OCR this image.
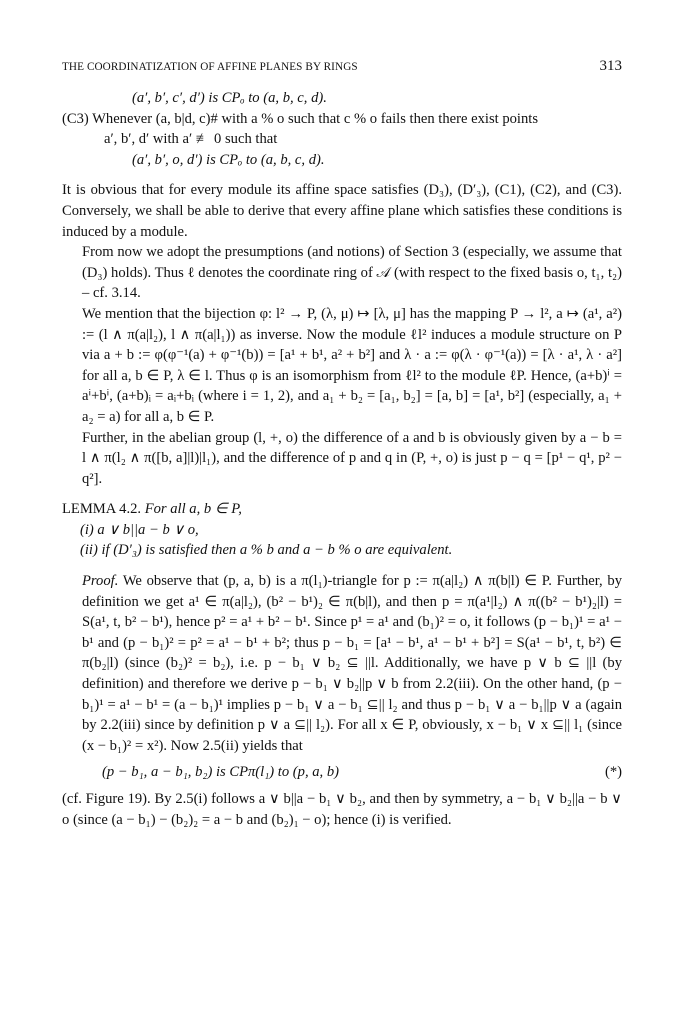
THE COORDINATIZATION OF AFFINE PLANES BY RINGS	313
(a′, b′, c′, d′) is CPₒ to (a, b, c, d).
(C3) Whenever (a, b|d, c)# with a % o such that c % o fails then there exist points
a′, b′, d′ with a′ ≢ 0 such that
(a′, b′, o, d′) is CPₒ to (a, b, c, d).
It is obvious that for every module its affine space satisfies (D₃), (D′₃), (C1), (C2), and (C3). Conversely, we shall be able to derive that every affine plane which satisfies these conditions is induced by a module.
From now we adopt the presumptions (and notions) of Section 3 (especially, we assume that (D₃) holds). Thus ℓ denotes the coordinate ring of 𝒜 (with respect to the fixed basis o, t₁, t₂) – cf. 3.14.
We mention that the bijection φ: l² → P, (λ, μ) ↦ [λ, μ] has the mapping P → l², a ↦ (a¹, a²) := (l ∧ π(a|l₂), l ∧ π(a|l₁)) as inverse. Now the module ℓl² induces a module structure on P via a + b := φ(φ⁻¹(a) + φ⁻¹(b)) = [a¹ + b¹, a² + b²] and λ · a := φ(λ · φ⁻¹(a)) = [λ · a¹, λ · a²] for all a, b ∈ P, λ ∈ l. Thus φ is an isomorphism from ℓl² to the module ℓP. Hence, (a+b)ⁱ = aⁱ+bⁱ, (a+b)ᵢ = aᵢ+bᵢ (where i = 1, 2), and a₁ + b₂ = [a₁, b₂] = [a, b] = [a¹, b²] (especially, a₁ + a₂ = a) for all a, b ∈ P.
Further, in the abelian group (l, +, o) the difference of a and b is obviously given by a − b = l ∧ π(l₂ ∧ π([b, a]|l)|l₁), and the difference of p and q in (P, +, o) is just p − q = [p¹ − q¹, p² − q²].
LEMMA 4.2. For all a, b ∈ P,
(i) a ∨ b||a − b ∨ o,
(ii) if (D′₃) is satisfied then a % b and a − b % o are equivalent.
Proof. We observe that (p, a, b) is a π(l₁)-triangle for p := π(a|l₂) ∧ π(b|l) ∈ P. Further, by definition we get a¹ ∈ π(a|l₂), (b² − b¹)₂ ∈ π(b|l), and then p = π(a¹|l₂) ∧ π((b² − b¹)₂|l) = S(a¹, t, b² − b¹), hence p² = a¹ + b² − b¹. Since p¹ = a¹ and (b₁)² = o, it follows (p − b₁)¹ = a¹ − b¹ and (p − b₁)² = p² = a¹ − b¹ + b²; thus p − b₁ = [a¹ − b¹, a¹ − b¹ + b²] = S(a¹ − b¹, t, b²) ∈ π(b₂|l) (since (b₂)² = b₂), i.e. p − b₁ ∨ b₂ ⊆ ||l. Additionally, we have p ∨ b ⊆ ||l (by definition) and therefore we derive p − b₁ ∨ b₂||p ∨ b from 2.2(iii). On the other hand, (p − b₁)¹ = a¹ − b¹ = (a − b₁)¹ implies p − b₁ ∨ a − b₁ ⊆|| l₂ and thus p − b₁ ∨ a − b₁||p ∨ a (again by 2.2(iii) since by definition p ∨ a ⊆|| l₂). For all x ∈ P, obviously, x − b₁ ∨ x ⊆|| l₁ (since (x − b₁)² = x²). Now 2.5(ii) yields that
(p − b₁, a − b₁, b₂) is CPπ(l₁) to (p, a, b)	(*)
(cf. Figure 19). By 2.5(i) follows a ∨ b||a − b₁ ∨ b₂, and then by symmetry, a − b₁ ∨ b₂||a − b ∨ o (since (a − b₁) − (b₂)₂ = a − b and (b₂)₁ − o); hence (i) is verified.
